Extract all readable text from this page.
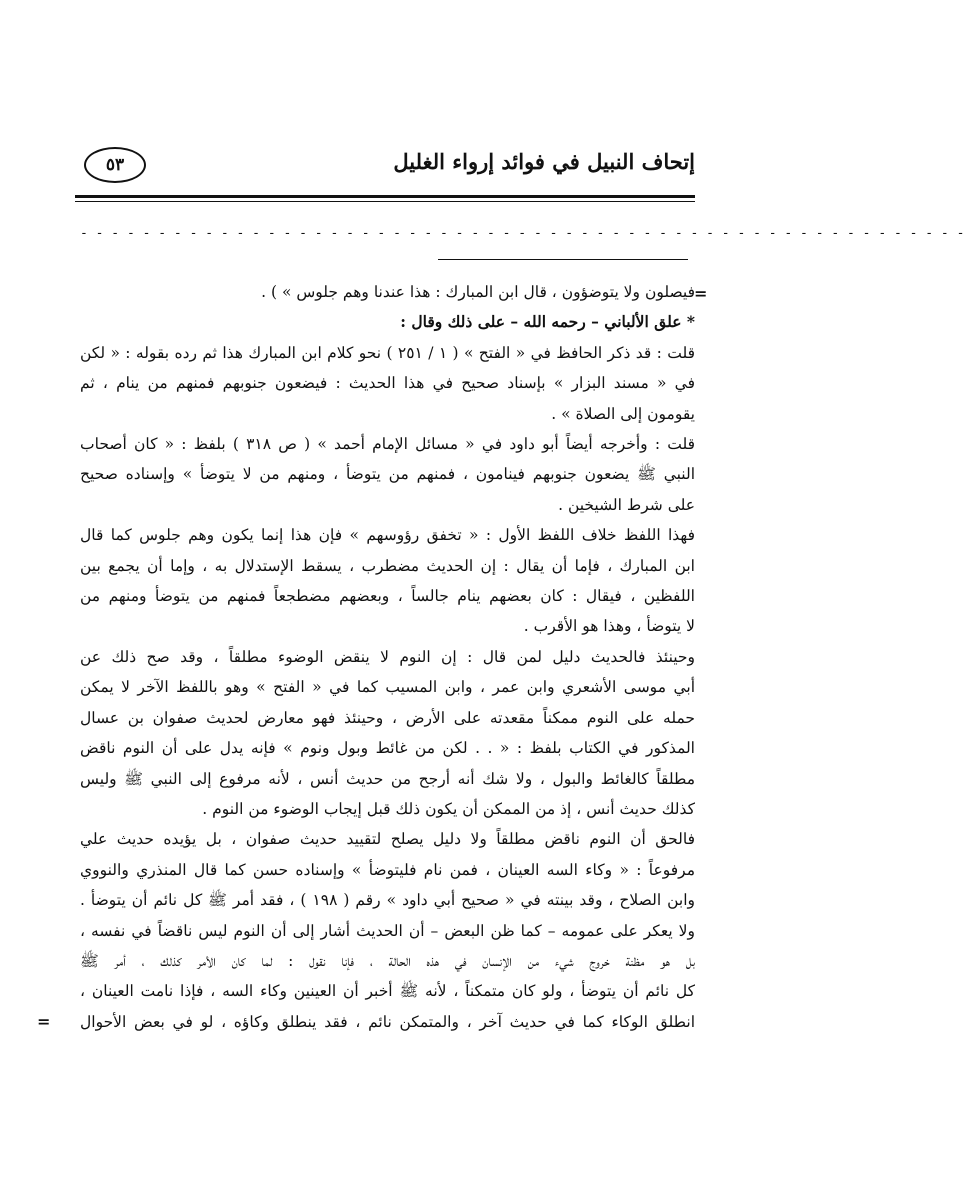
٥٣	إتحاف النبيل في فوائد إرواء الغليل
- - - - - - - - - - - - - - - - - - - - - - - - - - - - - - - - - - - - - - - - - - - - - - - - - - - - - - - - -
=
=
فيصلون ولا يتوضؤون ، قال ابن المبارك : هذا عندنا وهم جلوس » ) .
* علق الألباني – رحمه الله – على ذلك وقال :
قلت : قد ذكر الحافظ في « الفتح » ( ١ / ٢٥١ ) نحو كلام ابن المبارك هذا ثم رده بقوله : « لكن
في « مسند البزار » بإسناد صحيح في هذا الحديث : فيضعون جنوبهم فمنهم من ينام ، ثم
يقومون إلى الصلاة » .
قلت : وأخرجه أيضاً أبو داود في « مسائل الإمام أحمد » ( ص ٣١٨ ) بلفظ : « كان أصحاب
النبي ﷺ يضعون جنوبهم فينامون ، فمنهم من يتوضأ ، ومنهم من لا يتوضأ » وإسناده صحيح
على شرط الشيخين .
فهذا اللفظ خلاف اللفظ الأول : « تخفق رؤوسهم » فإن هذا إنما يكون وهم جلوس كما قال
ابن المبارك ، فإما أن يقال : إن الحديث مضطرب ، يسقط الإستدلال به ، وإما أن يجمع بين
اللفظين ، فيقال : كان بعضهم ينام جالساً ، وبعضهم مضطجعاً فمنهم من يتوضأ ومنهم من
لا يتوضأ ، وهذا هو الأقرب .
وحينئذ فالحديث دليل لمن قال : إن النوم لا ينقض الوضوء مطلقاً ، وقد صح ذلك عن
أبي موسى الأشعري وابن عمر ، وابن المسيب كما في « الفتح » وهو باللفظ الآخر لا يمكن
حمله على النوم ممكناً مقعدته على الأرض ، وحينئذ فهو معارض لحديث صفوان بن عسال
المذكور في الكتاب بلفظ : « . . لكن من غائط وبول ونوم » فإنه يدل على أن النوم ناقض
مطلقاً كالغائط والبول ، ولا شك أنه أرجح من حديث أنس ، لأنه مرفوع إلى النبي ﷺ وليس
كذلك حديث أنس ، إذ من الممكن أن يكون ذلك قبل إيجاب الوضوء من النوم .
فالحق أن النوم ناقض مطلقاً ولا دليل يصلح لتقييد حديث صفوان ، بل يؤيده حديث علي
مرفوعاً : « وكاء السه العينان ، فمن نام فليتوضأ » وإسناده حسن كما قال المنذري والنووي
وابن الصلاح ، وقد بينته في « صحيح أبي داود » رقم ( ١٩٨ ) ، فقد أمر ﷺ كل نائم أن يتوضأ .
ولا يعكر على عمومه – كما ظن البعض – أن الحديث أشار إلى أن النوم ليس ناقضاً في نفسه ،
بل هو مظنة خروج شيء من الإنسان في هذه الحالة ، فإنا نقول : لما كان الأمر كذلك ، أمر ﷺ
كل نائم أن يتوضأ ، ولو كان متمكناً ، لأنه ﷺ أخبر أن العينين وكاء السه ، فإذا نامت العينان ،
انطلق الوكاء كما في حديث آخر ، والمتمكن نائم ، فقد ينطلق وكاؤه ، لو في بعض الأحوال
